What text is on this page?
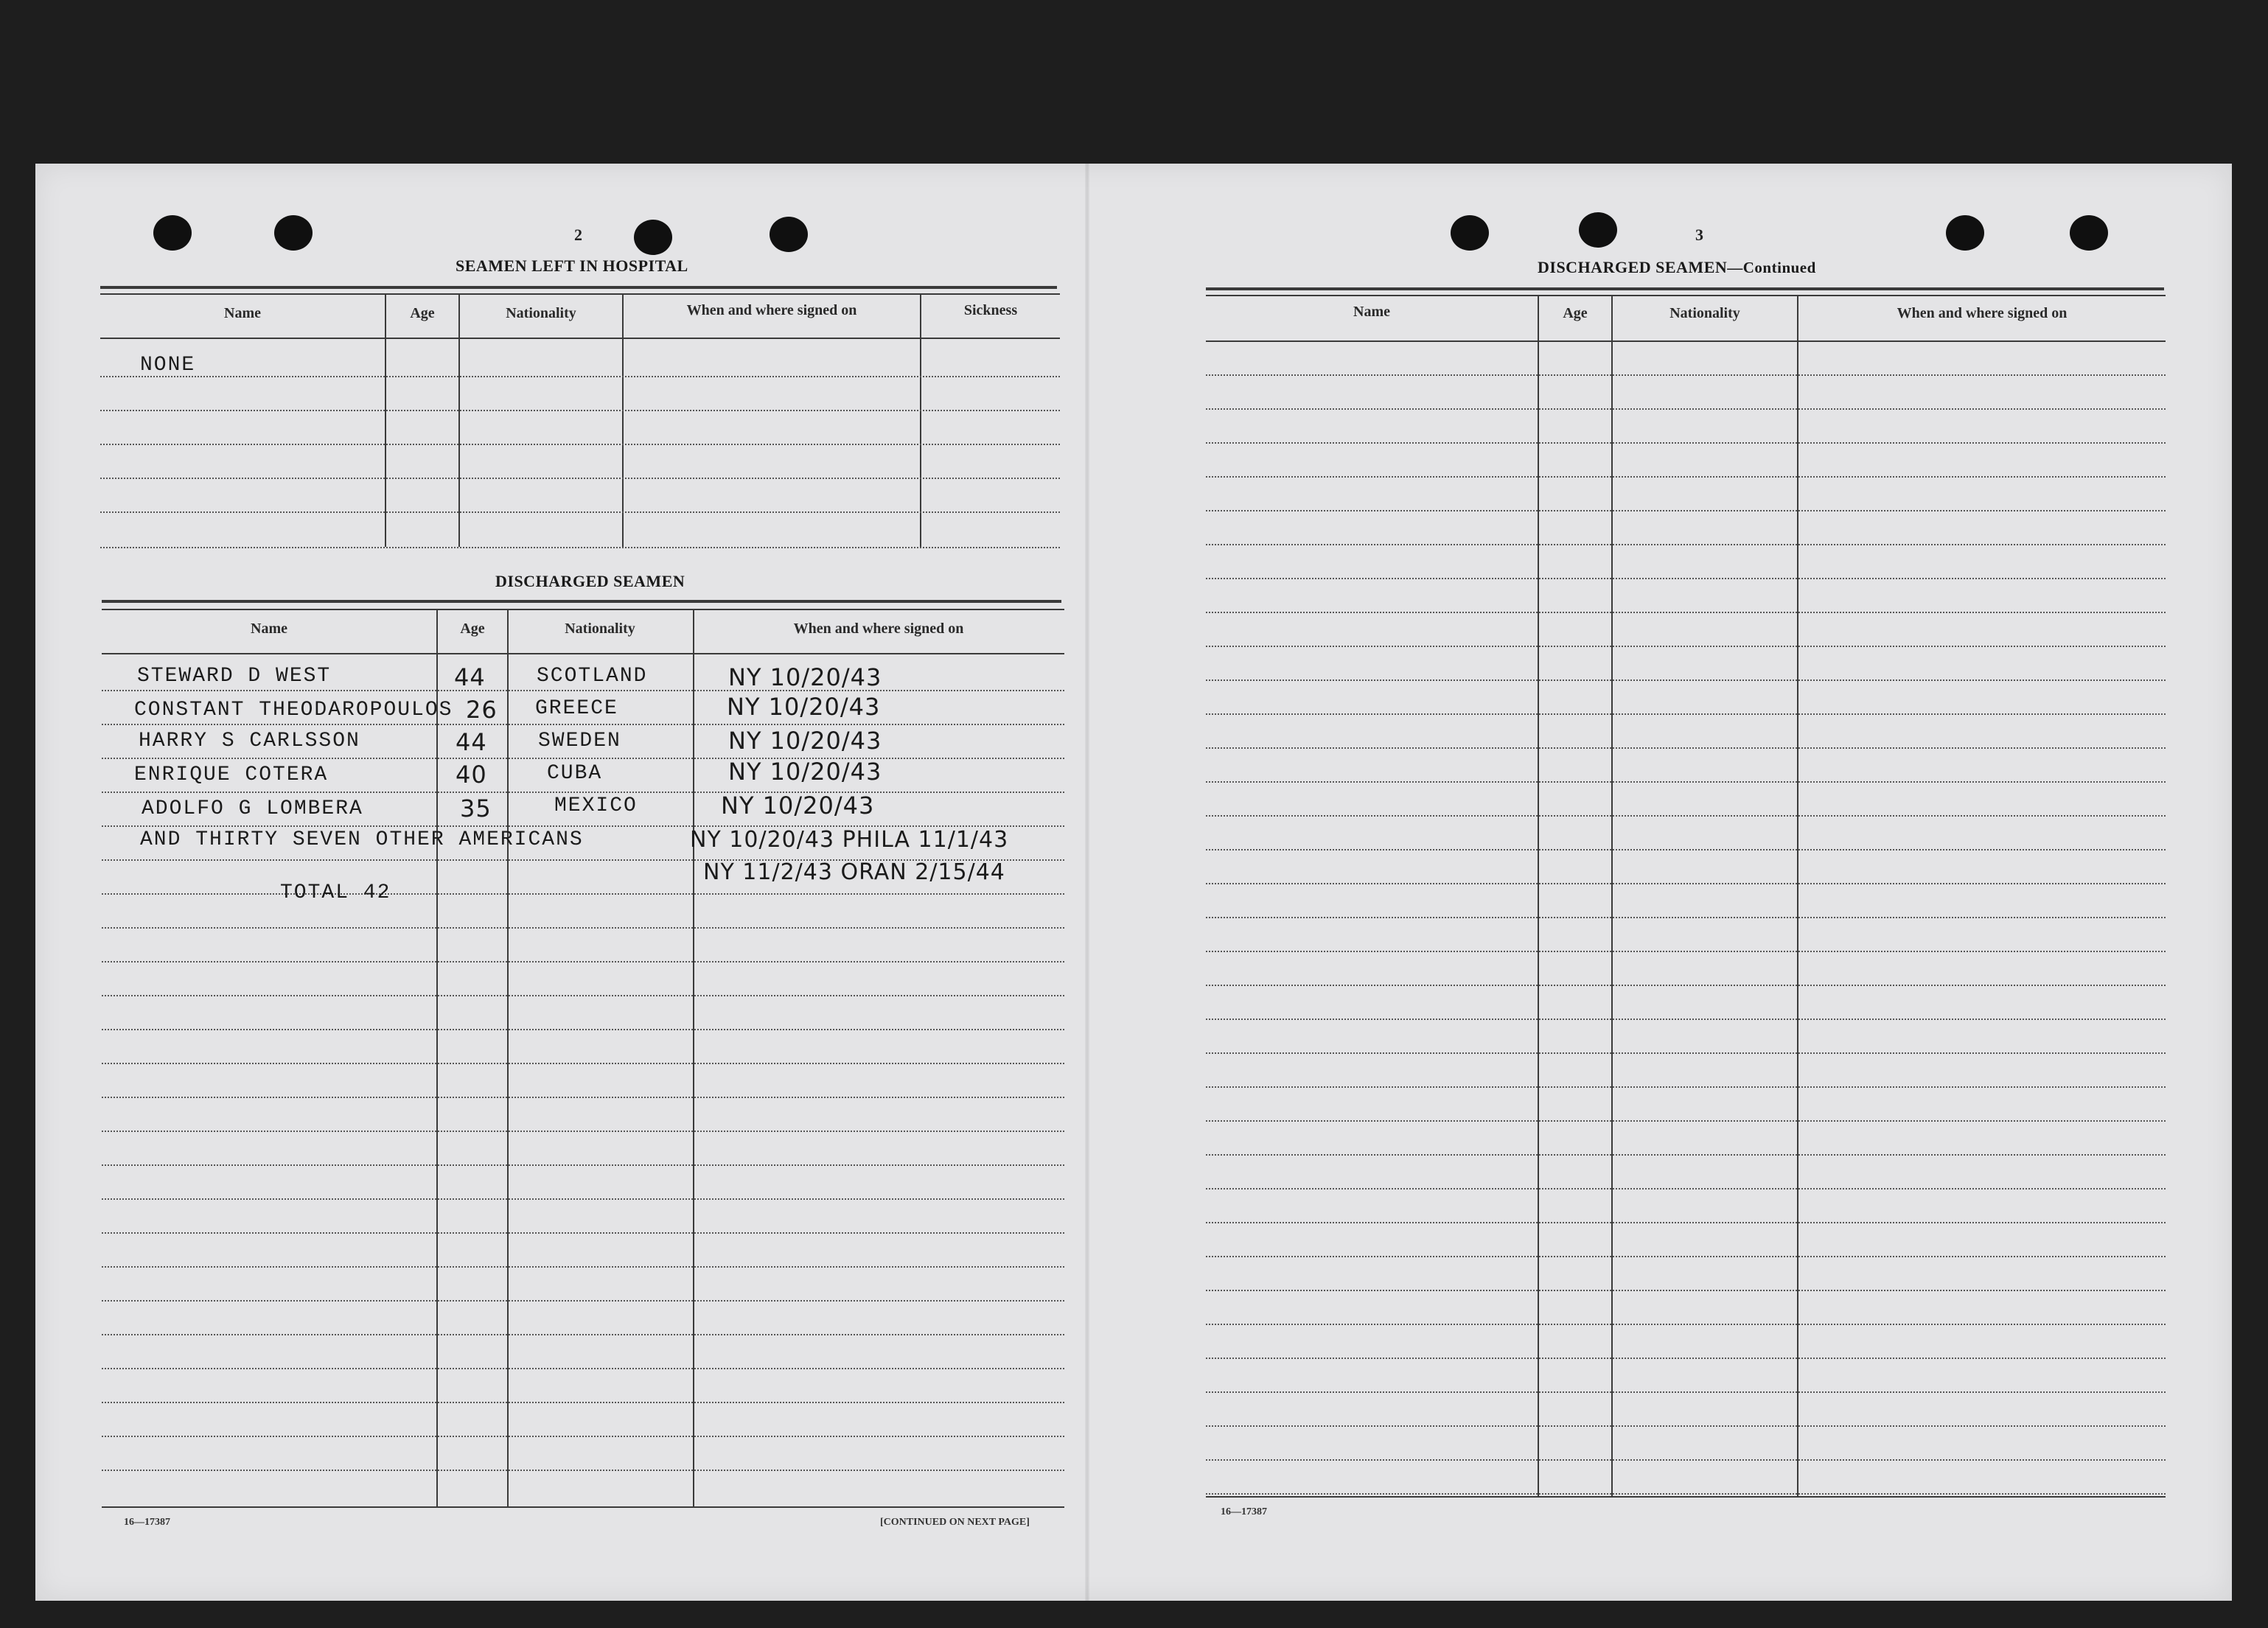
2
SEAMEN LEFT IN HOSPITAL
Name	Age	Nationality	When and where signed on	Sickness
NONE
DISCHARGED SEAMEN
Name	Age	Nationality	When and where signed on
STEWARD D WEST	44 SCOTLAND	NY 10/20/43
CONSTANT THEODAROPOULOS 26 GREECE	NY 10/20/43
HARRY S CARLSSON	44 SWEDEN	NY 10/20/43
ENRIQUE COTERA	40	CUBA	NY 10/20/43
ADOLFO G LOMBERA	35	MEXICO	NY 10/20/43
AND THIRTY SEVEN OTHER AMERICANS	NY 10/20/43 PHILA 11/1/43
NY 11/2/43 ORAN 2/15/44
TOTAL 42
16—17387	[CONTINUED ON NEXT PAGE]
3
DISCHARGED SEAMEN—Continued
Name	Age	Nationality	When and where signed on
16—17387
